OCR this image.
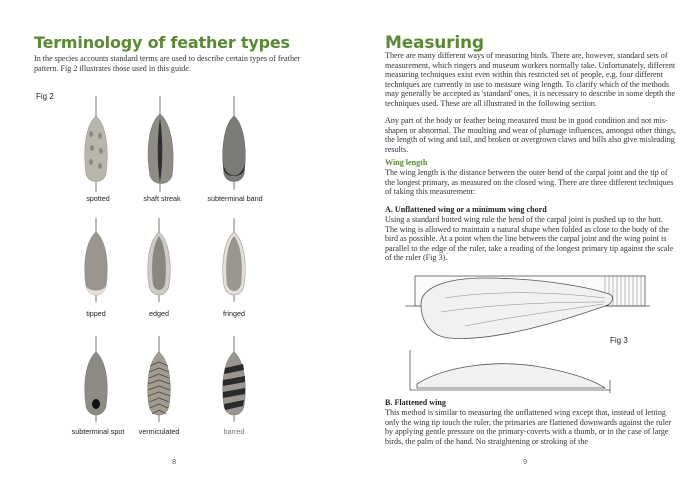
Terminology of feather types

In the species accounts standard terms are used to describe certain types of feather pattern. Fig 2 illustrates those used in this guide.

Fig 2
spotted	shaft streak	subterminal band
tipped	edged	fringed
subterminal spot	vermiculated	barred
8
Measuring

There are many different ways of measuring birds. There are, however, standard sets of measurement, which ringers and museum workers normally take. Unfortunately, different measuring techniques exist even within this restricted set of people, e.g. four different techniques are currently in use to measure wing length. To clarify which of the methods may generally be accepted as 'standard' ones, it is necessary to describe in some depth the techniques used. These are all illustrated in the following section.

Any part of the body or feather being measured must be in good condition and not mis-shapen or abnormal. The moulting and wear of plumage influences, amongst other things, the length of wing and tail, and broken or overgrown claws and bills also give misleading results.

Wing length

The wing length is the distance between the outer bend of the carpal joint and the tip of the longest primary, as measured on the closed wing. There are three different techniques of taking this measurement:

A. Unflattened wing or a minimum wing chord

Using a standard butted wing rule the bend of the carpal joint is pushed up to the butt. The wing is allowed to maintain a natural shape when folded as close to the body of the bird as possible. At a point when the line between the carpal joint and the wing point is parallel to the edge of the ruler, take a reading of the longest primary tip against the scale of the ruler (Fig 3).

Fig 3
B. Flattened wing

This method is similar to measuring the unflattened wing except that, instead of letting only the wing tip touch the ruler, the primaries are flattened downwards against the ruler by applying gentle pressure on the primary-coverts with a thumb, or in the case of large birds, the palm of the hand. No straightening or stroking of the

9
